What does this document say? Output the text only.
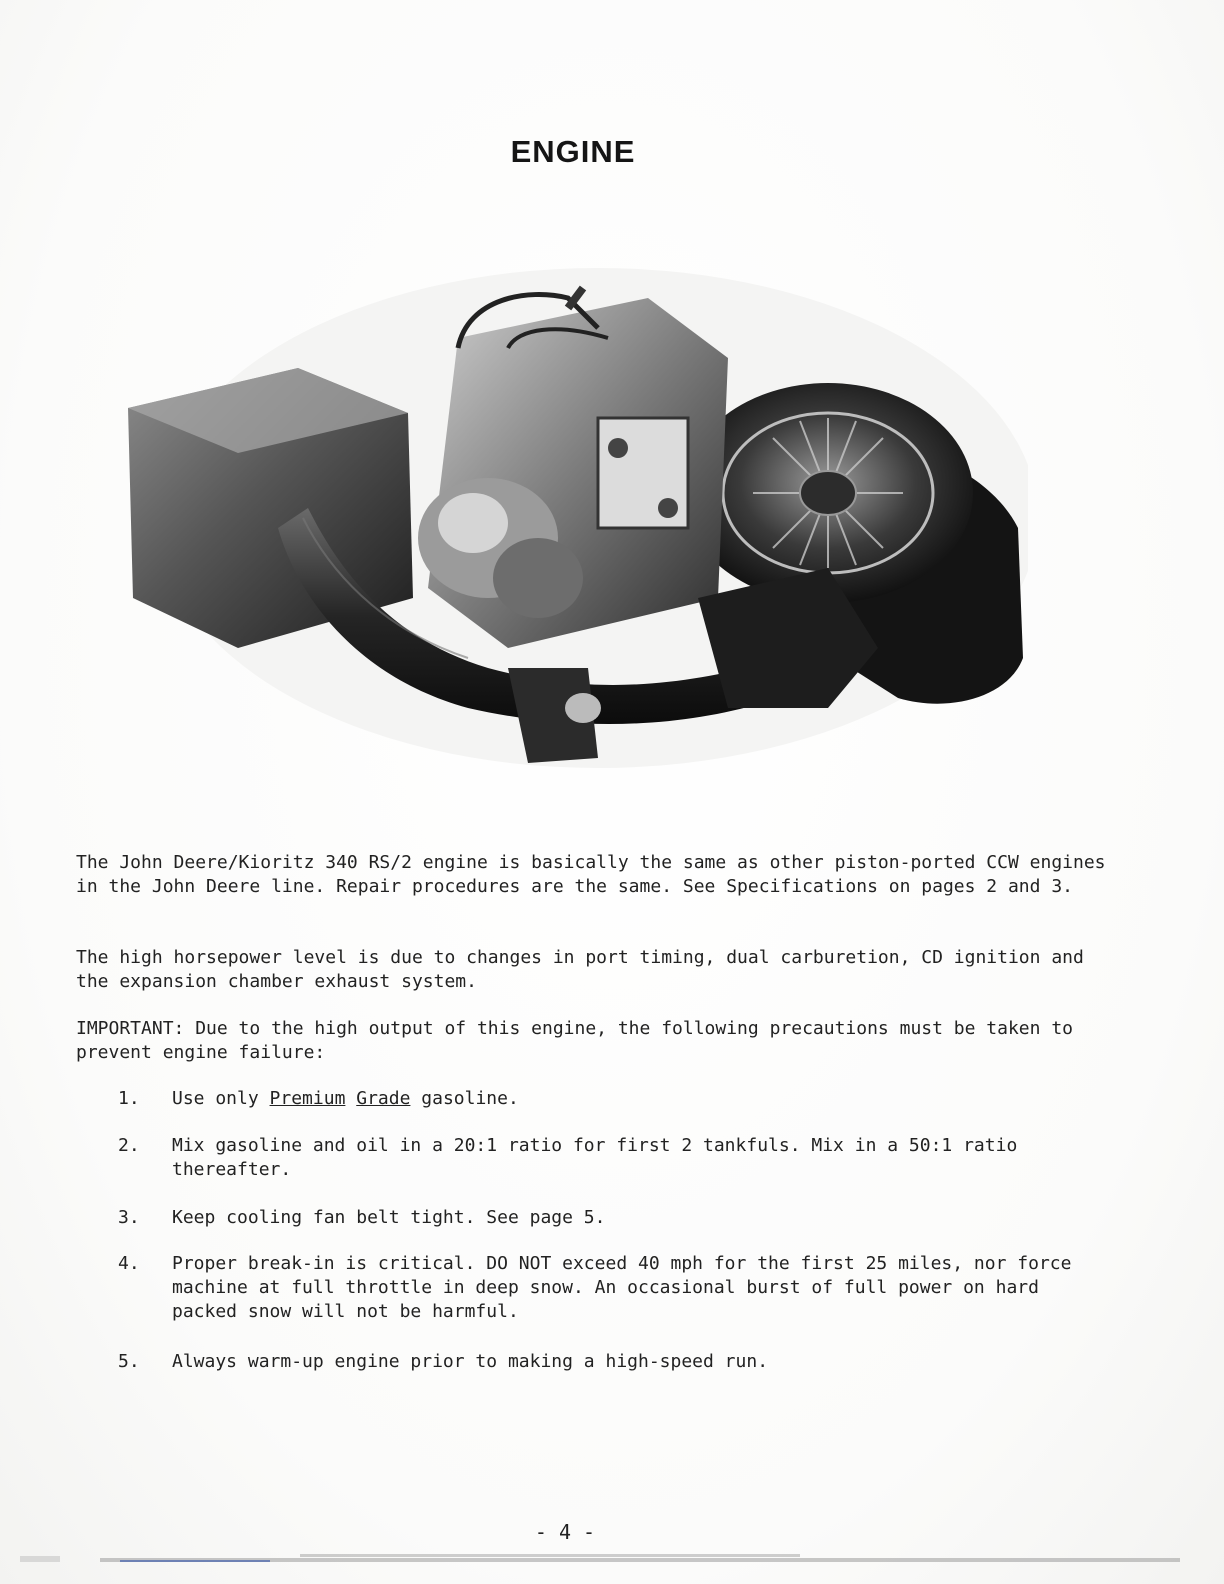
ENGINE
The John Deere/Kioritz 340 RS/2 engine is basically the same as other piston-ported CCW engines in the John Deere line. Repair procedures are the same. See Specifications on pages 2 and 3.
The high horsepower level is due to changes in port timing, dual carburetion, CD ignition and the expansion chamber exhaust system.
IMPORTANT: Due to the high output of this engine, the following precautions must be taken to prevent engine failure:
1.	Use only Premium Grade gasoline.
2.	Mix gasoline and oil in a 20:1 ratio for first 2 tankfuls. Mix in a 50:1 ratio thereafter.
3.	Keep cooling fan belt tight. See page 5.
4.	Proper break-in is critical. DO NOT exceed 40 mph for the first 25 miles, nor force machine at full throttle in deep snow. An occasional burst of full power on hard packed snow will not be harmful.
5.	Always warm-up engine prior to making a high-speed run.
- 4 -
